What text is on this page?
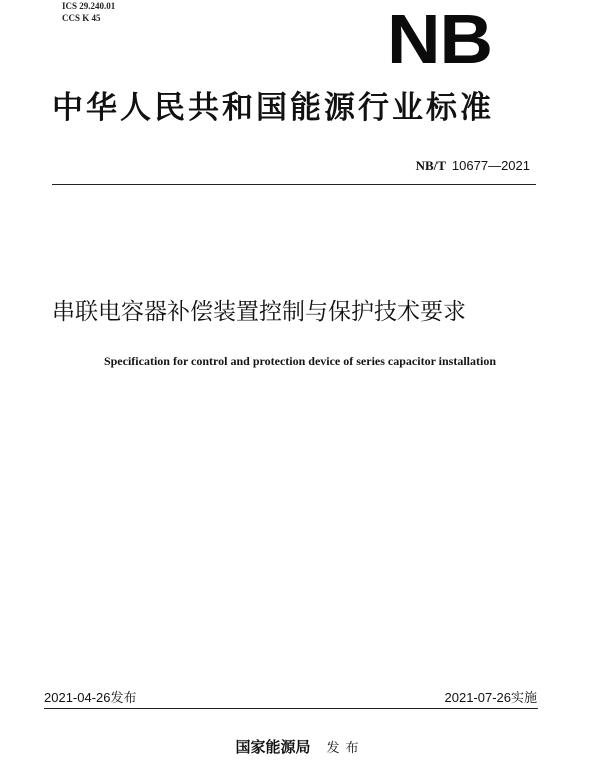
ICS 29.240.01
CCS K 45	NB
中华人民共和国能源行业标准
NB/T 10677—2021
串联电容器补偿装置控制与保护技术要求
Specification for control and protection device of series capacitor installation
2021-04-26发布	2021-07-26实施
国家能源局 发布
